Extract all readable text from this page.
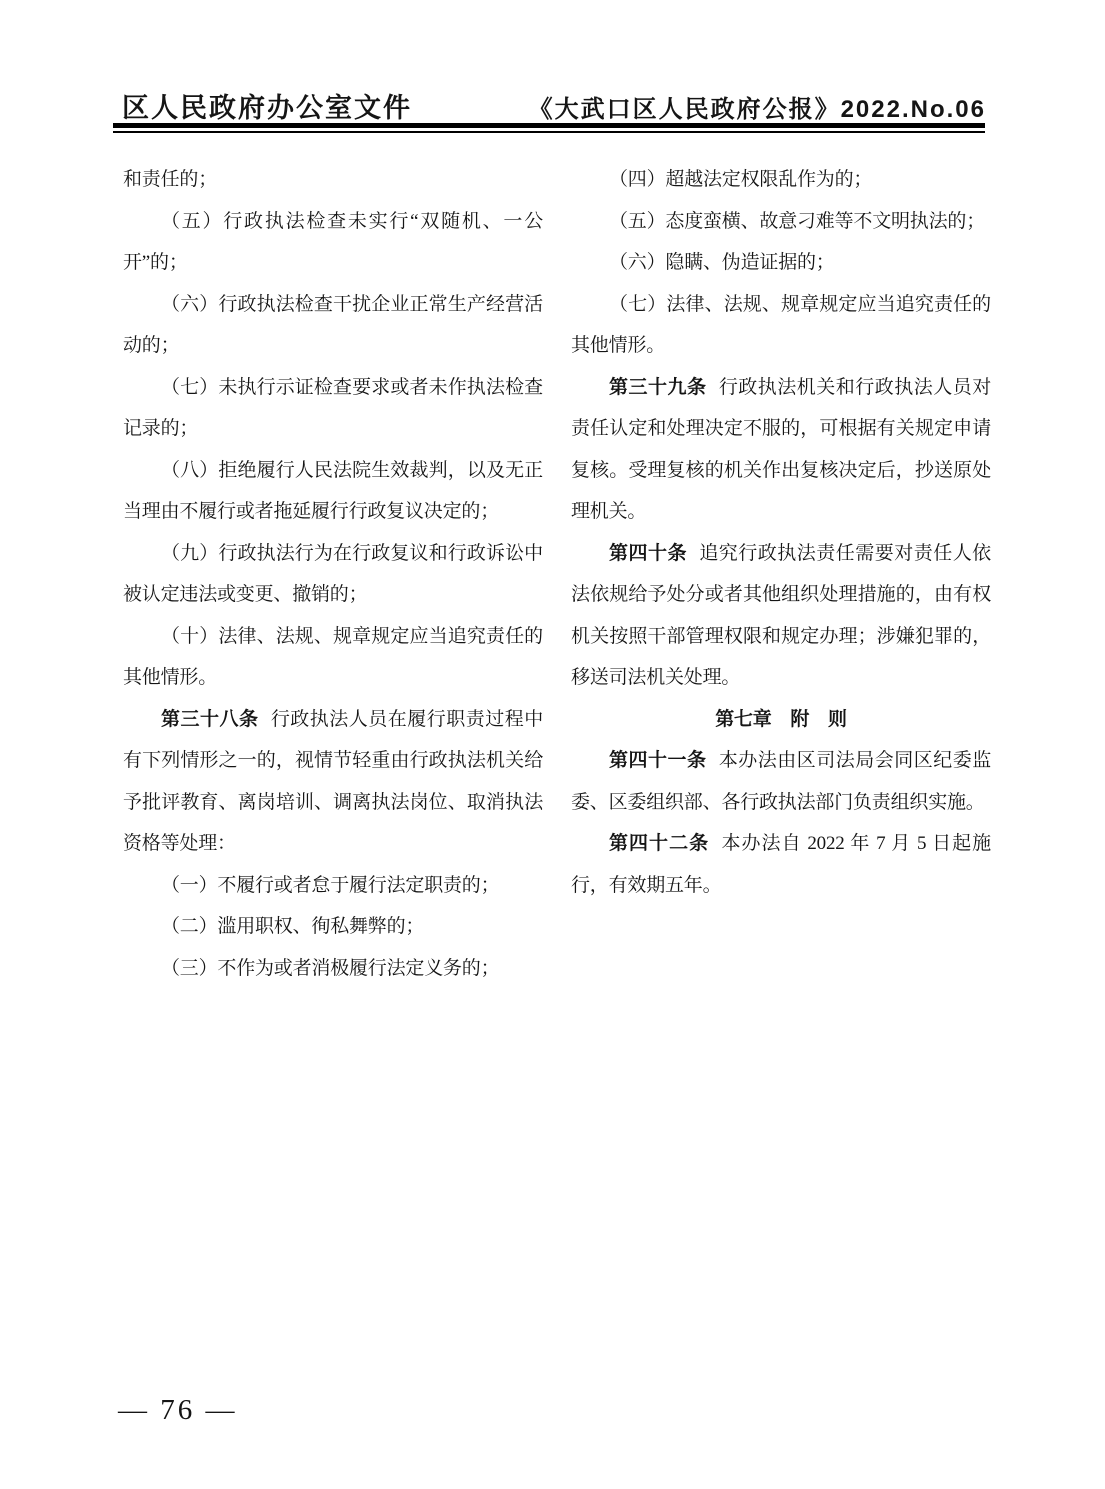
区人民政府办公室文件	《大武口区人民政府公报》2022.No.06

和责任的；

（五）行政执法检查未实行“双随机、一公开”的；

（六）行政执法检查干扰企业正常生产经营活动的；

（七）未执行示证检查要求或者未作执法检查记录的；

（八）拒绝履行人民法院生效裁判，以及无正当理由不履行或者拖延履行行政复议决定的；

（九）行政执法行为在行政复议和行政诉讼中被认定违法或变更、撤销的；

（十）法律、法规、规章规定应当追究责任的其他情形。

第三十八条 行政执法人员在履行职责过程中有下列情形之一的，视情节轻重由行政执法机关给予批评教育、离岗培训、调离执法岗位、取消执法资格等处理：

（一）不履行或者怠于履行法定职责的；

（二）滥用职权、徇私舞弊的；

（三）不作为或者消极履行法定义务的；

（四）超越法定权限乱作为的；

（五）态度蛮横、故意刁难等不文明执法的；

（六）隐瞒、伪造证据的；

（七）法律、法规、规章规定应当追究责任的其他情形。

第三十九条 行政执法机关和行政执法人员对责任认定和处理决定不服的，可根据有关规定申请复核。受理复核的机关作出复核决定后，抄送原处理机关。

第四十条 追究行政执法责任需要对责任人依法依规给予处分或者其他组织处理措施的，由有权机关按照干部管理权限和规定办理；涉嫌犯罪的，移送司法机关处理。

第七章　附　则

第四十一条 本办法由区司法局会同区纪委监委、区委组织部、各行政执法部门负责组织实施。

第四十二条 本办法自 2022 年 7 月 5 日起施行，有效期五年。

— 76 —
